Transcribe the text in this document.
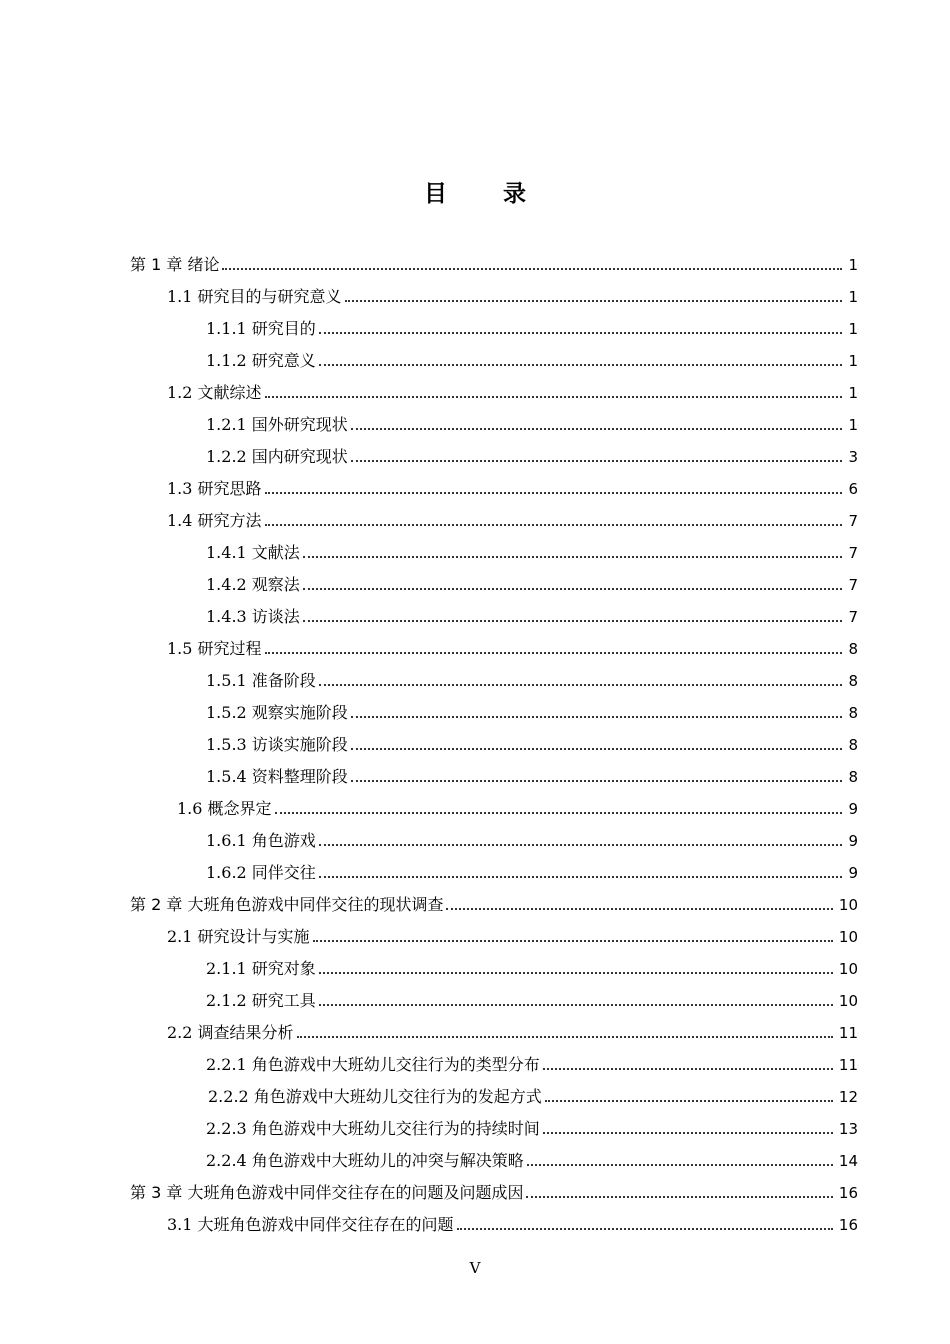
目 录
第 1 章 绪论	1
1.1 研究目的与研究意义	1
1.1.1 研究目的	1
1.1.2 研究意义	1
1.2 文献综述	1
1.2.1 国外研究现状	1
1.2.2 国内研究现状	3
1.3 研究思路	6
1.4 研究方法	7
1.4.1 文献法	7
1.4.2 观察法	7
1.4.3 访谈法	7
1.5 研究过程	8
1.5.1 准备阶段	8
1.5.2 观察实施阶段	8
1.5.3 访谈实施阶段	8
1.5.4 资料整理阶段	8
1.6 概念界定	9
1.6.1 角色游戏	9
1.6.2 同伴交往	9
第 2 章 大班角色游戏中同伴交往的现状调查	10
2.1 研究设计与实施	10
2.1.1 研究对象	10
2.1.2 研究工具	10
2.2 调查结果分析	11
2.2.1 角色游戏中大班幼儿交往行为的类型分布	11
2.2.2 角色游戏中大班幼儿交往行为的发起方式	12
2.2.3 角色游戏中大班幼儿交往行为的持续时间	13
2.2.4 角色游戏中大班幼儿的冲突与解决策略	14
第 3 章 大班角色游戏中同伴交往存在的问题及问题成因	16
3.1 大班角色游戏中同伴交往存在的问题	16
V
